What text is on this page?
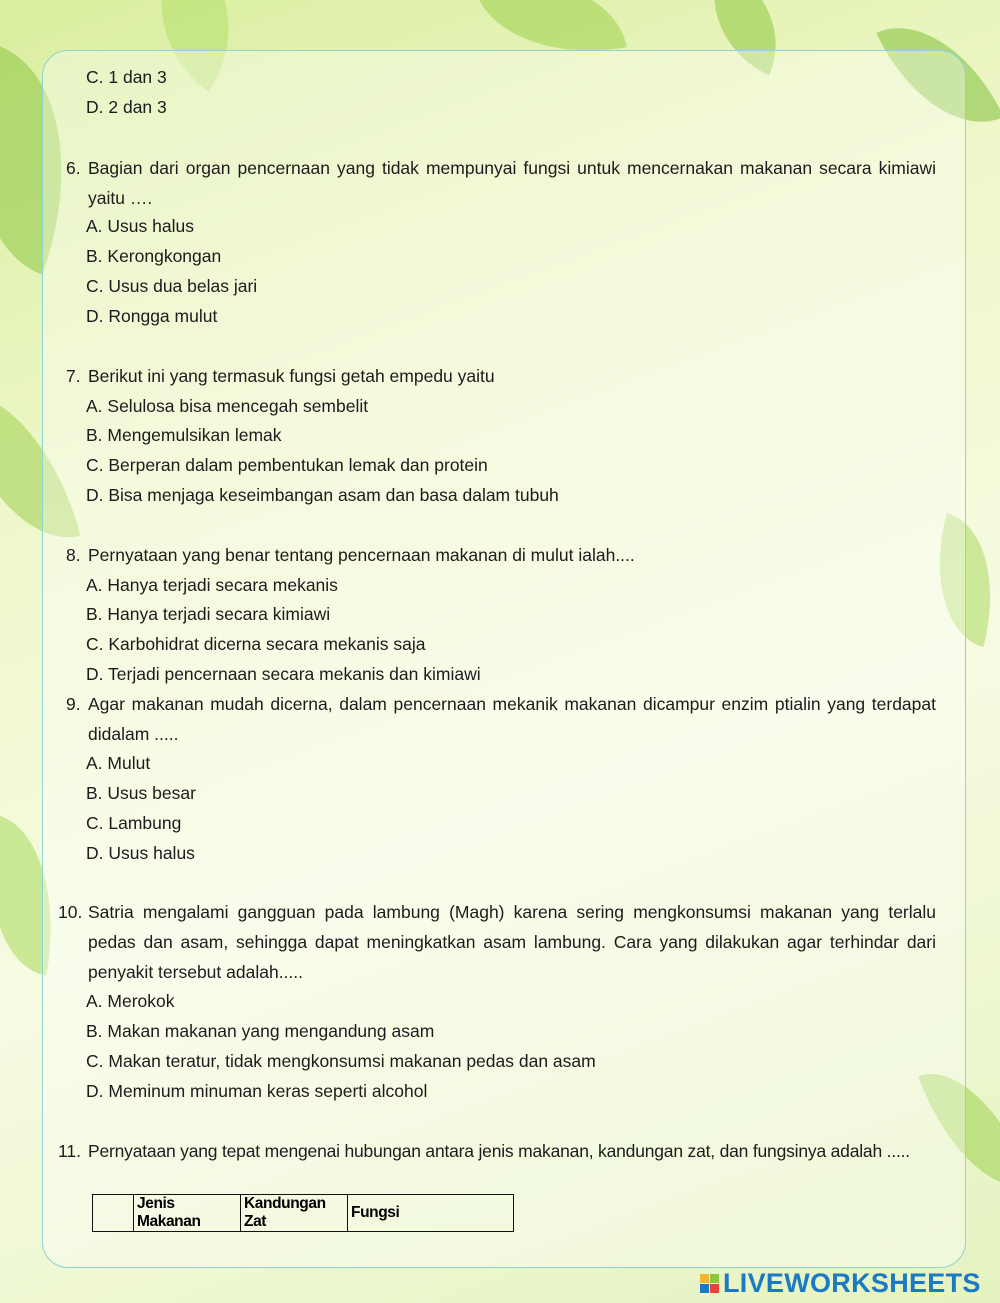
C. 1 dan 3
D. 2 dan 3
6. Bagian dari organ pencernaan yang tidak mempunyai fungsi untuk mencernakan makanan secara kimiawi yaitu ….
A. Usus halus
B. Kerongkongan
C. Usus dua belas jari
D. Rongga mulut
7. Berikut ini yang termasuk fungsi getah empedu yaitu
A. Selulosa bisa mencegah sembelit
B. Mengemulsikan lemak
C. Berperan dalam pembentukan lemak dan protein
D. Bisa menjaga keseimbangan asam dan basa dalam tubuh
8. Pernyataan yang benar tentang pencernaan makanan di mulut ialah....
A. Hanya terjadi secara mekanis
B. Hanya terjadi secara kimiawi
C. Karbohidrat dicerna secara mekanis saja
D. Terjadi pencernaan secara mekanis dan kimiawi
9. Agar makanan mudah dicerna, dalam pencernaan mekanik makanan dicampur enzim ptialin yang terdapat didalam .....
A. Mulut
B. Usus besar
C. Lambung
D. Usus halus
10. Satria mengalami gangguan pada lambung (Magh) karena sering mengkonsumsi makanan yang terlalu pedas dan asam, sehingga dapat meningkatkan asam lambung. Cara yang dilakukan agar terhindar dari penyakit tersebut adalah.....
A. Merokok
B. Makan makanan yang mengandung asam
C. Makan teratur, tidak mengkonsumsi makanan pedas dan asam
D. Meminum minuman keras seperti alcohol
11. Pernyataan yang tepat mengenai hubungan antara jenis makanan, kandungan zat, dan fungsinya adalah .....
	Jenis Makanan	Kandungan Zat	Fungsi
LIVEWORKSHEETS
